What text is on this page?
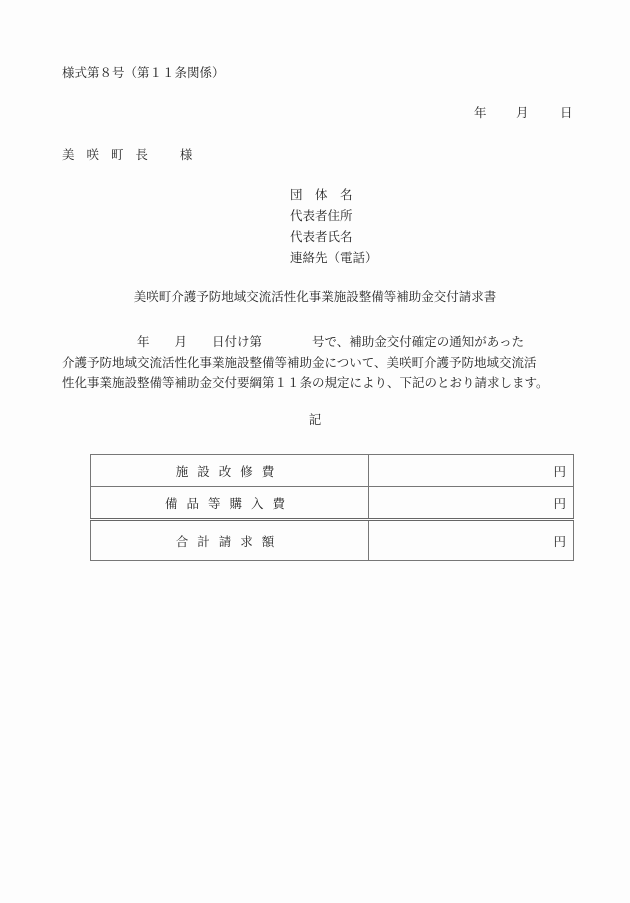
様式第８号（第１１条関係）
年 月	日
美 咲 町 長 様
団　体　名
代表者住所
代表者氏名
連絡先（電話）
美咲町介護予防地域交流活性化事業施設整備等補助金交付請求書
　　　　　　年　　月　　日付け第　　　　号で、補助金交付確定の通知があった
介護予防地域交流活性化事業施設整備等補助金について、美咲町介護予防地域交流活
性化事業施設整備等補助金交付要綱第１１条の規定により、下記のとおり請求します。
記
施設改修費	円
備品等購入費	円
合計請求額	円
